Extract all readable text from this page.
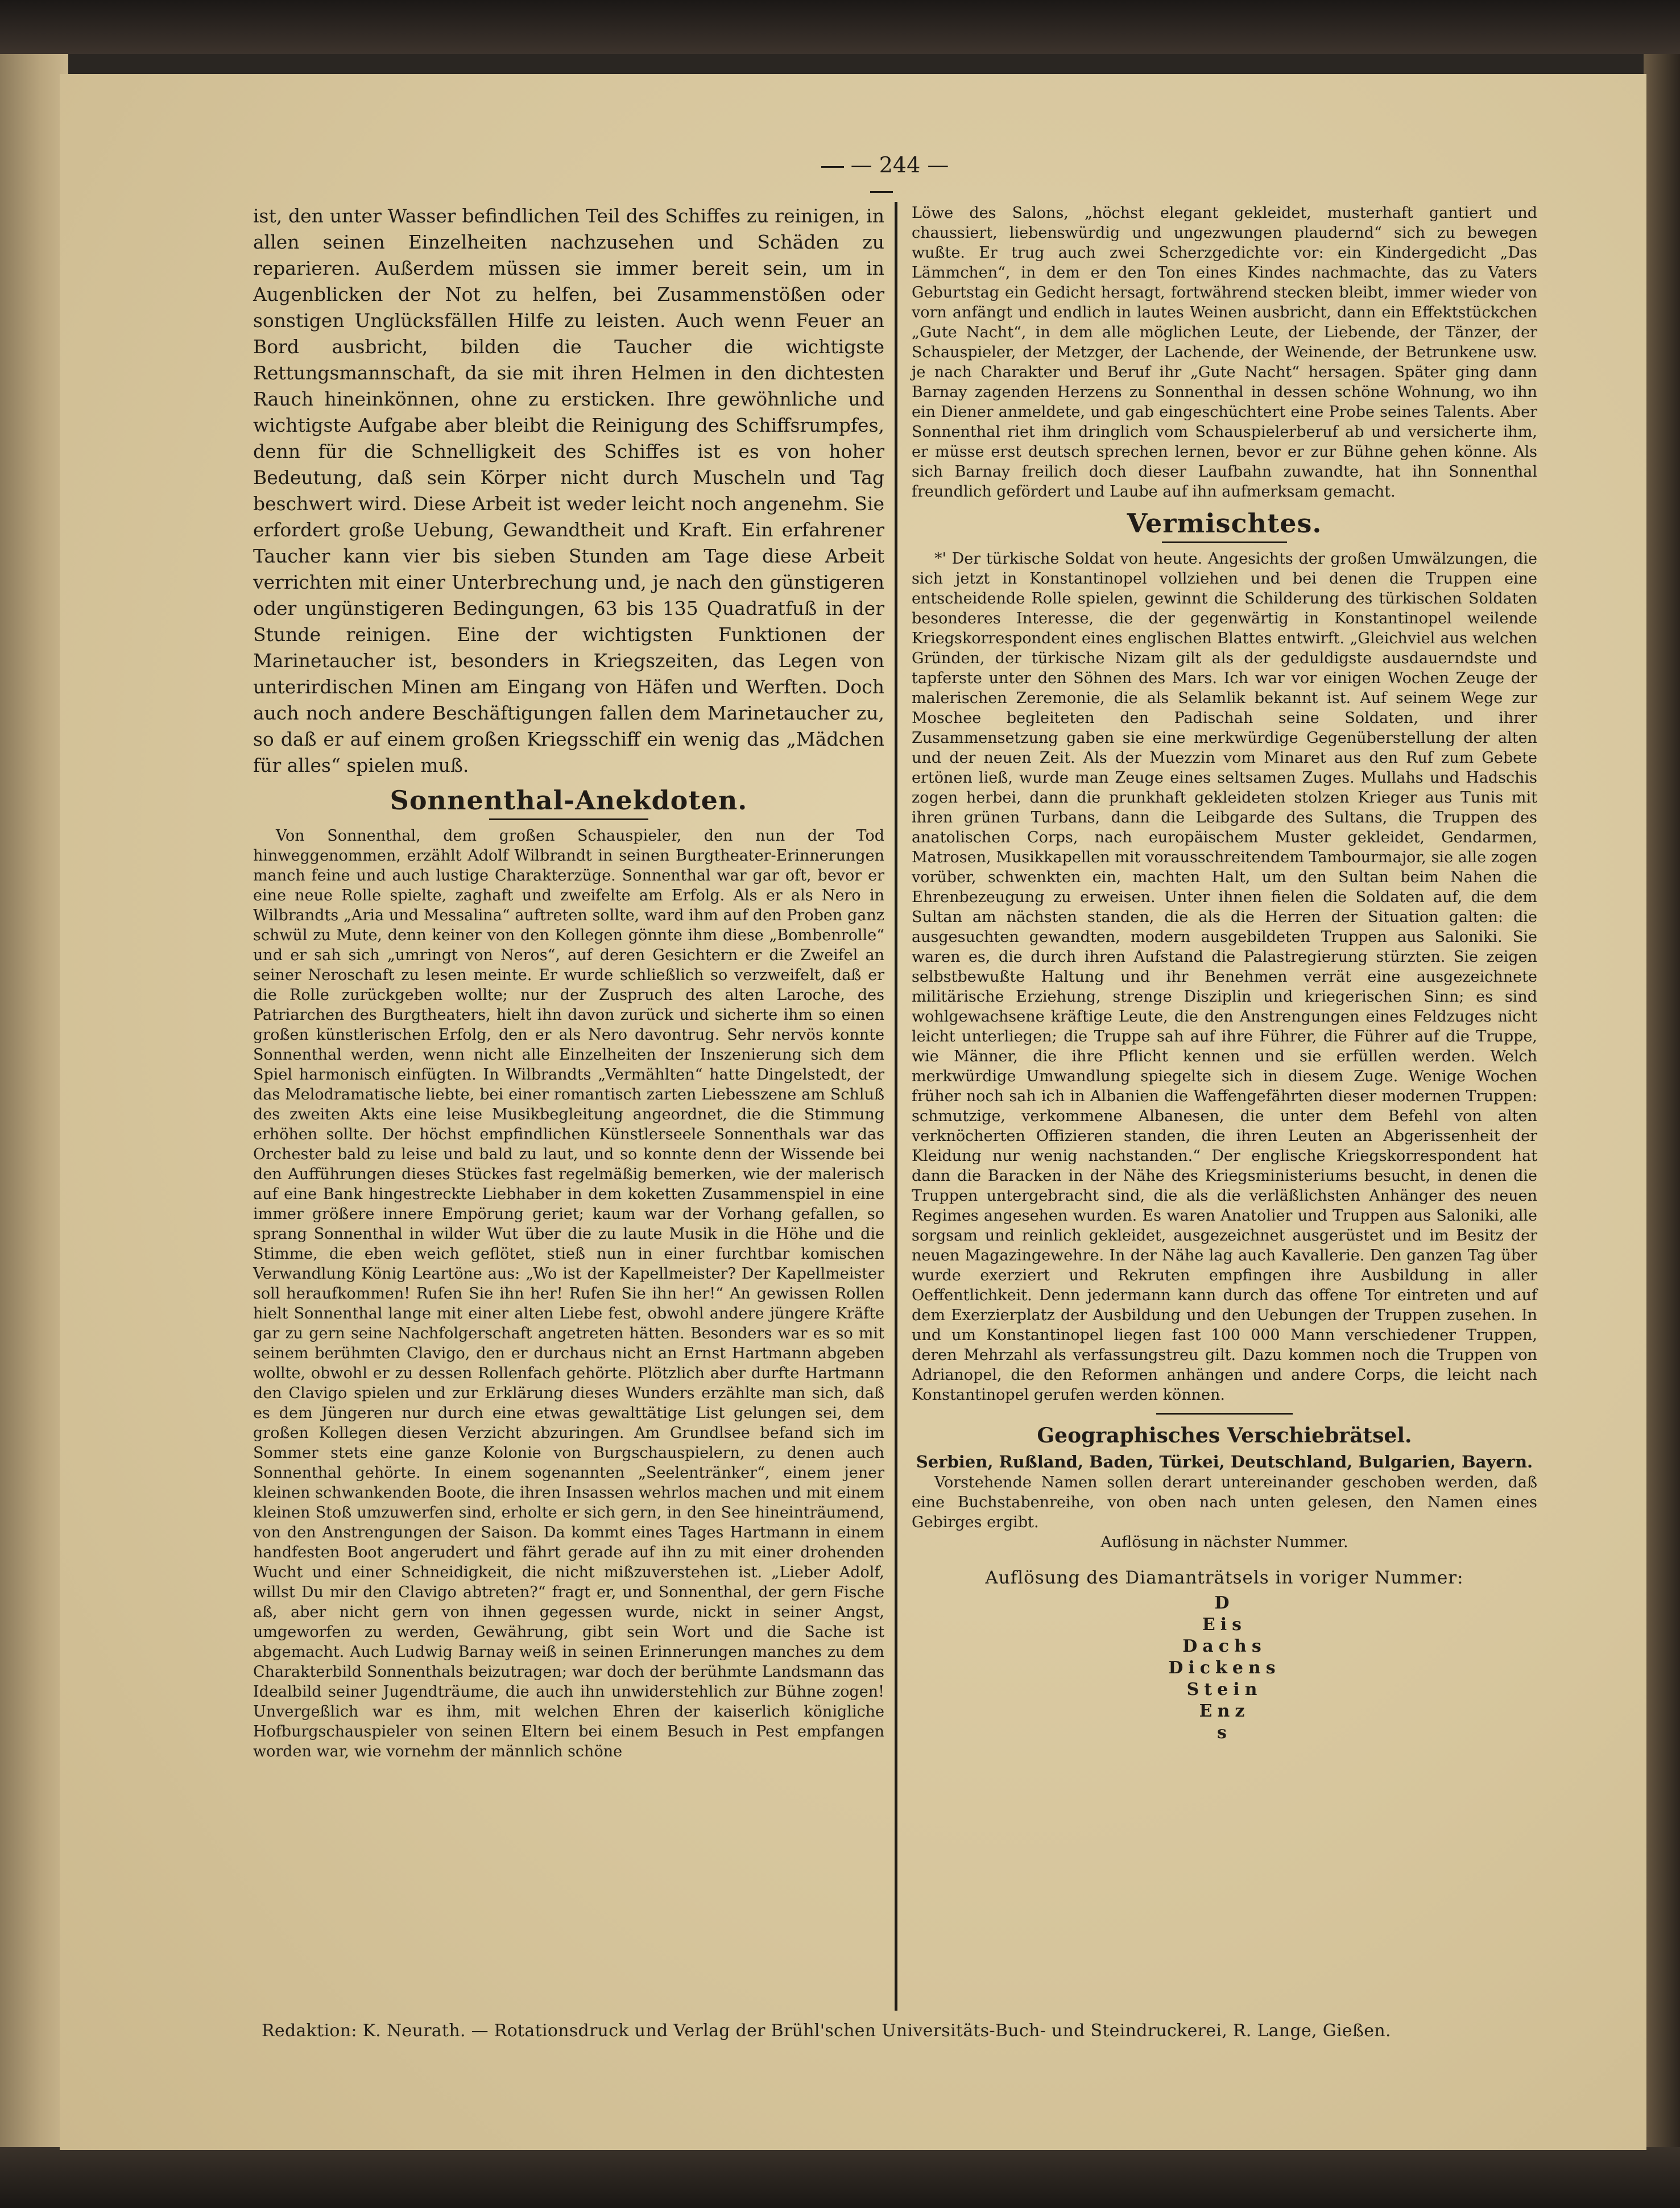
— 244 —

ist, den unter Wasser befindlichen Teil des Schiffes zu reinigen, in allen seinen Einzelheiten nachzusehen und Schäden zu reparieren. Außerdem müssen sie immer bereit sein, um in Augenblicken der Not zu helfen, bei Zusammenstößen oder sonstigen Unglücksfällen Hilfe zu leisten. Auch wenn Feuer an Bord ausbricht, bilden die Taucher die wichtigste Rettungsmannschaft, da sie mit ihren Helmen in den dichtesten Rauch hineinkönnen, ohne zu ersticken. Ihre gewöhnliche und wichtigste Aufgabe aber bleibt die Reinigung des Schiffsrumpfes, denn für die Schnelligkeit des Schiffes ist es von hoher Bedeutung, daß sein Körper nicht durch Muscheln und Tag beschwert wird. Diese Arbeit ist weder leicht noch angenehm. Sie erfordert große Uebung, Gewandtheit und Kraft. Ein erfahrener Taucher kann vier bis sieben Stunden am Tage diese Arbeit verrichten mit einer Unterbrechung und, je nach den günstigeren oder ungünstigeren Bedingungen, 63 bis 135 Quadratfuß in der Stunde reinigen. Eine der wichtigsten Funktionen der Marinetaucher ist, besonders in Kriegszeiten, das Legen von unterirdischen Minen am Eingang von Häfen und Werften. Doch auch noch andere Beschäftigungen fallen dem Marinetaucher zu, so daß er auf einem großen Kriegsschiff ein wenig das „Mädchen für alles“ spielen muß.

Sonnenthal-Anekdoten.

Von Sonnenthal, dem großen Schauspieler, den nun der Tod hinweggenommen, erzählt Adolf Wilbrandt in seinen Burgtheater-Erinnerungen manch feine und auch lustige Charakterzüge. Sonnenthal war gar oft, bevor er eine neue Rolle spielte, zaghaft und zweifelte am Erfolg. Als er als Nero in Wilbrandts „Aria und Messalina“ auftreten sollte, ward ihm auf den Proben ganz schwül zu Mute, denn keiner von den Kollegen gönnte ihm diese „Bombenrolle“ und er sah sich „umringt von Neros“, auf deren Gesichtern er die Zweifel an seiner Neroschaft zu lesen meinte. Er wurde schließlich so verzweifelt, daß er die Rolle zurückgeben wollte; nur der Zuspruch des alten Laroche, des Patriarchen des Burgtheaters, hielt ihn davon zurück und sicherte ihm so einen großen künstlerischen Erfolg, den er als Nero davontrug. Sehr nervös konnte Sonnenthal werden, wenn nicht alle Einzelheiten der Inszenierung sich dem Spiel harmonisch einfügten. In Wilbrandts „Vermählten“ hatte Dingelstedt, der das Melodramatische liebte, bei einer romantisch zarten Liebesszene am Schluß des zweiten Akts eine leise Musikbegleitung angeordnet, die die Stimmung erhöhen sollte. Der höchst empfindlichen Künstlerseele Sonnenthals war das Orchester bald zu leise und bald zu laut, und so konnte denn der Wissende bei den Aufführungen dieses Stückes fast regelmäßig bemerken, wie der malerisch auf eine Bank hingestreckte Liebhaber in dem koketten Zusammenspiel in eine immer größere innere Empörung geriet; kaum war der Vorhang gefallen, so sprang Sonnenthal in wilder Wut über die zu laute Musik in die Höhe und die Stimme, die eben weich geflötet, stieß nun in einer furchtbar komischen Verwandlung König Leartöne aus: „Wo ist der Kapellmeister? Der Kapellmeister soll heraufkommen! Rufen Sie ihn her! Rufen Sie ihn her!“ An gewissen Rollen hielt Sonnenthal lange mit einer alten Liebe fest, obwohl andere jüngere Kräfte gar zu gern seine Nachfolgerschaft angetreten hätten. Besonders war es so mit seinem berühmten Clavigo, den er durchaus nicht an Ernst Hartmann abgeben wollte, obwohl er zu dessen Rollenfach gehörte. Plötzlich aber durfte Hartmann den Clavigo spielen und zur Erklärung dieses Wunders erzählte man sich, daß es dem Jüngeren nur durch eine etwas gewalttätige List gelungen sei, dem großen Kollegen diesen Verzicht abzuringen. Am Grundlsee befand sich im Sommer stets eine ganze Kolonie von Burgschauspielern, zu denen auch Sonnenthal gehörte. In einem sogenannten „Seelentränker“, einem jener kleinen schwankenden Boote, die ihren Insassen wehrlos machen und mit einem kleinen Stoß umzuwerfen sind, erholte er sich gern, in den See hineinträumend, von den Anstrengungen der Saison. Da kommt eines Tages Hartmann in einem handfesten Boot angerudert und fährt gerade auf ihn zu mit einer drohenden Wucht und einer Schneidigkeit, die nicht mißzuverstehen ist. „Lieber Adolf, willst Du mir den Clavigo abtreten?“ fragt er, und Sonnenthal, der gern Fische aß, aber nicht gern von ihnen gegessen wurde, nickt in seiner Angst, umgeworfen zu werden, Gewährung, gibt sein Wort und die Sache ist abgemacht. Auch Ludwig Barnay weiß in seinen Erinnerungen manches zu dem Charakterbild Sonnenthals beizutragen; war doch der berühmte Landsmann das Idealbild seiner Jugendträume, die auch ihn unwiderstehlich zur Bühne zogen! Unvergeßlich war es ihm, mit welchen Ehren der kaiserlich königliche Hofburgschauspieler von seinen Eltern bei einem Besuch in Pest empfangen worden war, wie vornehm der männlich schöne

Löwe des Salons, „höchst elegant gekleidet, musterhaft gantiert und chaussiert, liebenswürdig und ungezwungen plaudernd“ sich zu bewegen wußte. Er trug auch zwei Scherzgedichte vor: ein Kindergedicht „Das Lämmchen“, in dem er den Ton eines Kindes nachmachte, das zu Vaters Geburtstag ein Gedicht hersagt, fortwährend stecken bleibt, immer wieder von vorn anfängt und endlich in lautes Weinen ausbricht, dann ein Effektstückchen „Gute Nacht“, in dem alle möglichen Leute, der Liebende, der Tänzer, der Schauspieler, der Metzger, der Lachende, der Weinende, der Betrunkene usw. je nach Charakter und Beruf ihr „Gute Nacht“ hersagen. Später ging dann Barnay zagenden Herzens zu Sonnenthal in dessen schöne Wohnung, wo ihn ein Diener anmeldete, und gab eingeschüchtert eine Probe seines Talents. Aber Sonnenthal riet ihm dringlich vom Schauspielerberuf ab und versicherte ihm, er müsse erst deutsch sprechen lernen, bevor er zur Bühne gehen könne. Als sich Barnay freilich doch dieser Laufbahn zuwandte, hat ihn Sonnenthal freundlich gefördert und Laube auf ihn aufmerksam gemacht.

Vermischtes.

*' Der türkische Soldat von heute. Angesichts der großen Umwälzungen, die sich jetzt in Konstantinopel vollziehen und bei denen die Truppen eine entscheidende Rolle spielen, gewinnt die Schilderung des türkischen Soldaten besonderes Interesse, die der gegenwärtig in Konstantinopel weilende Kriegskorrespondent eines englischen Blattes entwirft. „Gleichviel aus welchen Gründen, der türkische Nizam gilt als der geduldigste ausdauerndste und tapferste unter den Söhnen des Mars. Ich war vor einigen Wochen Zeuge der malerischen Zeremonie, die als Selamlik bekannt ist. Auf seinem Wege zur Moschee begleiteten den Padischah seine Soldaten, und ihrer Zusammensetzung gaben sie eine merkwürdige Gegenüberstellung der alten und der neuen Zeit. Als der Muezzin vom Minaret aus den Ruf zum Gebete ertönen ließ, wurde man Zeuge eines seltsamen Zuges. Mullahs und Hadschis zogen herbei, dann die prunkhaft gekleideten stolzen Krieger aus Tunis mit ihren grünen Turbans, dann die Leibgarde des Sultans, die Truppen des anatolischen Corps, nach europäischem Muster gekleidet, Gendarmen, Matrosen, Musikkapellen mit vorausschreitendem Tambourmajor, sie alle zogen vorüber, schwenkten ein, machten Halt, um den Sultan beim Nahen die Ehrenbezeugung zu erweisen. Unter ihnen fielen die Soldaten auf, die dem Sultan am nächsten standen, die als die Herren der Situation galten: die ausgesuchten gewandten, modern ausgebildeten Truppen aus Saloniki. Sie waren es, die durch ihren Aufstand die Palastregierung stürzten. Sie zeigen selbstbewußte Haltung und ihr Benehmen verrät eine ausgezeichnete militärische Erziehung, strenge Disziplin und kriegerischen Sinn; es sind wohlgewachsene kräftige Leute, die den Anstrengungen eines Feldzuges nicht leicht unterliegen; die Truppe sah auf ihre Führer, die Führer auf die Truppe, wie Männer, die ihre Pflicht kennen und sie erfüllen werden. Welch merkwürdige Umwandlung spiegelte sich in diesem Zuge. Wenige Wochen früher noch sah ich in Albanien die Waffengefährten dieser modernen Truppen: schmutzige, verkommene Albanesen, die unter dem Befehl von alten verknöcherten Offizieren standen, die ihren Leuten an Abgerissenheit der Kleidung nur wenig nachstanden.“ Der englische Kriegskorrespondent hat dann die Baracken in der Nähe des Kriegsministeriums besucht, in denen die Truppen untergebracht sind, die als die verläßlichsten Anhänger des neuen Regimes angesehen wurden. Es waren Anatolier und Truppen aus Saloniki, alle sorgsam und reinlich gekleidet, ausgezeichnet ausgerüstet und im Besitz der neuen Magazingewehre. In der Nähe lag auch Kavallerie. Den ganzen Tag über wurde exerziert und Rekruten empfingen ihre Ausbildung in aller Oeffentlichkeit. Denn jedermann kann durch das offene Tor eintreten und auf dem Exerzierplatz der Ausbildung und den Uebungen der Truppen zusehen. In und um Konstantinopel liegen fast 100 000 Mann verschiedener Truppen, deren Mehrzahl als verfassungstreu gilt. Dazu kommen noch die Truppen von Adrianopel, die den Reformen anhängen und andere Corps, die leicht nach Konstantinopel gerufen werden können.

Geographisches Verschiebrätsel.
Serbien, Rußland, Baden, Türkei, Deutschland, Bulgarien, Bayern.

Vorstehende Namen sollen derart untereinander geschoben werden, daß eine Buchstabenreihe, von oben nach unten gelesen, den Namen eines Gebirges ergibt.

Auflösung in nächster Nummer.
Auflösung des Diamanträtsels in voriger Nummer:
D
Eis
Dachs
Dickens
Stein
Enz
s
Redaktion: K. Neurath. — Rotationsdruck und Verlag der Brühl'schen Universitäts-Buch- und Steindruckerei, R. Lange, Gießen.
